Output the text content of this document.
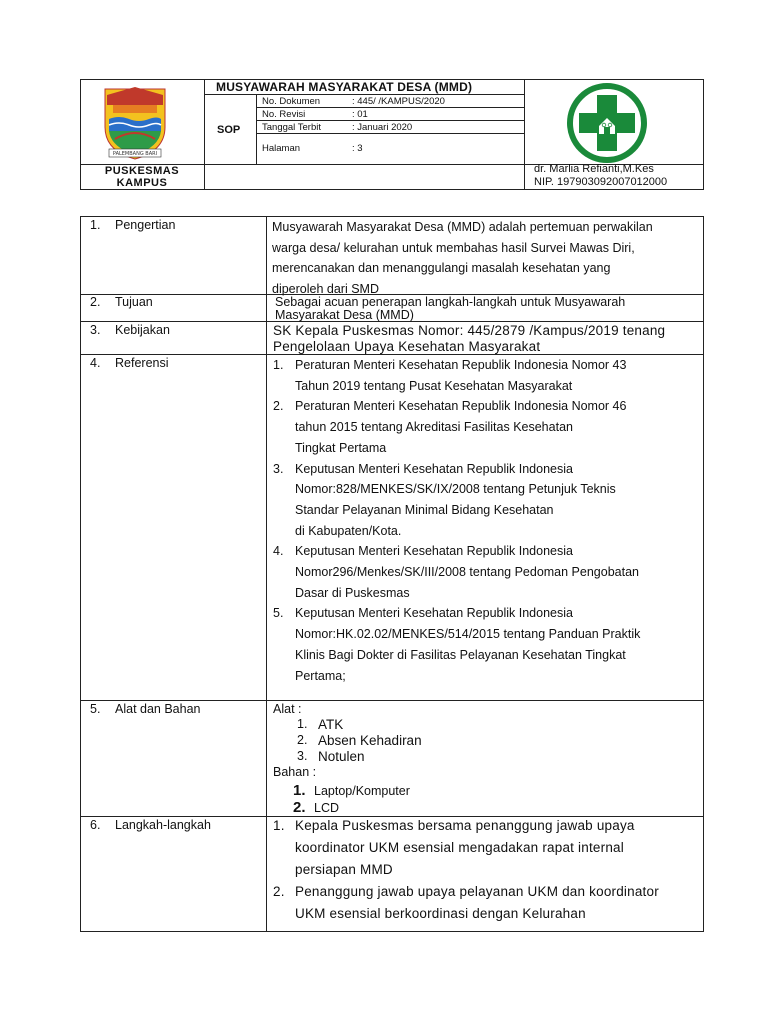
MUSYAWARAH MASYARAKAT DESA (MMD)
SOP
No. Dokumen	: 445/ /KAMPUS/2020
No. Revisi	: 01
Tanggal Terbit	: Januari 2020
Halaman	: 3
PUSKESMAS
KAMPUS
dr. Marlia Refianti,M.Kes
NIP. 197903092007012000
PALEMBANG BARI
1. Pengertian	Musyawarah Masyarakat Desa (MMD) adalah pertemuan perwakilan
warga desa/ kelurahan untuk membahas hasil Survei Mawas Diri,
merencanakan dan menanggulangi masalah kesehatan yang
diperoleh dari SMD
2. Tujuan	Sebagai acuan penerapan langkah-langkah untuk Musyawarah
Masyarakat Desa (MMD)
3. Kebijakan	SK Kepala Puskesmas Nomor: 445/2879 /Kampus/2019 tenang
Pengelolaan Upaya Kesehatan Masyarakat
4. Referensi	1. Peraturan Menteri Kesehatan Republik Indonesia Nomor 43
Tahun 2019 tentang Pusat Kesehatan Masyarakat
2. Peraturan Menteri Kesehatan Republik Indonesia Nomor 46
tahun 2015 tentang Akreditasi Fasilitas Kesehatan
Tingkat Pertama
3. Keputusan Menteri Kesehatan Republik Indonesia
Nomor:828/MENKES/SK/IX/2008 tentang Petunjuk Teknis
Standar Pelayanan Minimal Bidang Kesehatan
di Kabupaten/Kota.
4. Keputusan Menteri Kesehatan Republik Indonesia
Nomor296/Menkes/SK/III/2008 tentang Pedoman Pengobatan
Dasar di Puskesmas
5. Keputusan Menteri Kesehatan Republik Indonesia
Nomor:HK.02.02/MENKES/514/2015 tentang Panduan Praktik
Klinis Bagi Dokter di Fasilitas Pelayanan Kesehatan Tingkat
Pertama;
5. Alat dan Bahan	Alat :
1. ATK
2. Absen Kehadiran
3. Notulen
Bahan :
1. Laptop/Komputer
2. LCD
6. Langkah-langkah	1. Kepala Puskesmas bersama penanggung jawab upaya
koordinator UKM esensial mengadakan rapat internal
persiapan MMD
2. Penanggung jawab upaya pelayanan UKM dan koordinator
UKM esensial berkoordinasi dengan Kelurahan
